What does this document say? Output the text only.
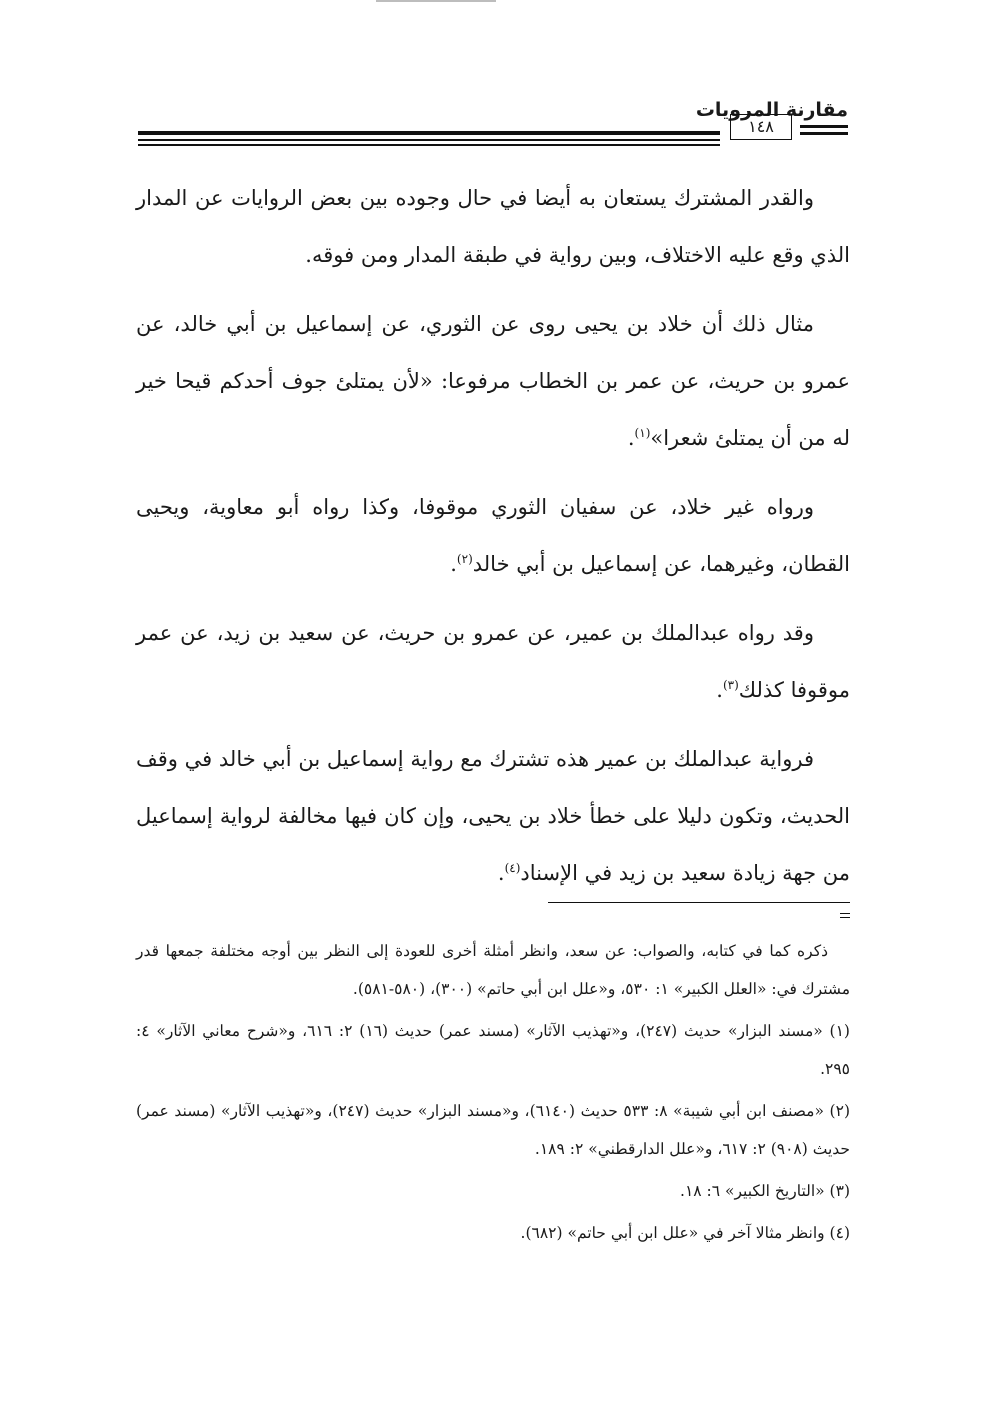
مقارنة المرويات
١٤٨

والقدر المشترك يستعان به أيضا في حال وجوده بين بعض الروايات عن المدار الذي وقع عليه الاختلاف، وبين رواية في طبقة المدار ومن فوقه.

مثال ذلك أن خلاد بن يحيى روى عن الثوري، عن إسماعيل بن أبي خالد، عن عمرو بن حريث، عن عمر بن الخطاب مرفوعا: «لأن يمتلئ جوف أحدكم قيحا خير له من أن يمتلئ شعرا»$^{(١)}$.

ورواه غير خلاد، عن سفيان الثوري موقوفا، وكذا رواه أبو معاوية، ويحيى القطان، وغيرهما، عن إسماعيل بن أبي خالد$^{(٢)}$.

وقد رواه عبدالملك بن عمير، عن عمرو بن حريث، عن سعيد بن زيد، عن عمر موقوفا كذلك$^{(٣)}$.

فرواية عبدالملك بن عمير هذه تشترك مع رواية إسماعيل بن أبي خالد في وقف الحديث، وتكون دليلا على خطأ خلاد بن يحيى، وإن كان فيها مخالفة لرواية إسماعيل من جهة زيادة سعيد بن زيد في الإسناد$^{(٤)}$.

ذكره كما في كتابه، والصواب: عن سعد، وانظر أمثلة أخرى للعودة إلى النظر بين أوجه مختلفة جمعها قدر مشترك في: «العلل الكبير» ١: ٥٣٠، و«علل ابن أبي حاتم» (٣٠٠)، (٥٨٠-٥٨١).

(١) «مسند البزار» حديث (٢٤٧)، و«تهذيب الآثار» (مسند عمر) حديث (١٦) ٢: ٦١٦، و«شرح معاني الآثار» ٤: ٢٩٥.

(٢) «مصنف ابن أبي شيبة» ٨: ٥٣٣ حديث (٦١٤٠)، و«مسند البزار» حديث (٢٤٧)، و«تهذيب الآثار» (مسند عمر) حديث (٩٠٨) ٢: ٦١٧، و«علل الدارقطني» ٢: ١٨٩.

(٣) «التاريخ الكبير» ٦: ١٨.

(٤) وانظر مثالا آخر في «علل ابن أبي حاتم» (٦٨٢).
